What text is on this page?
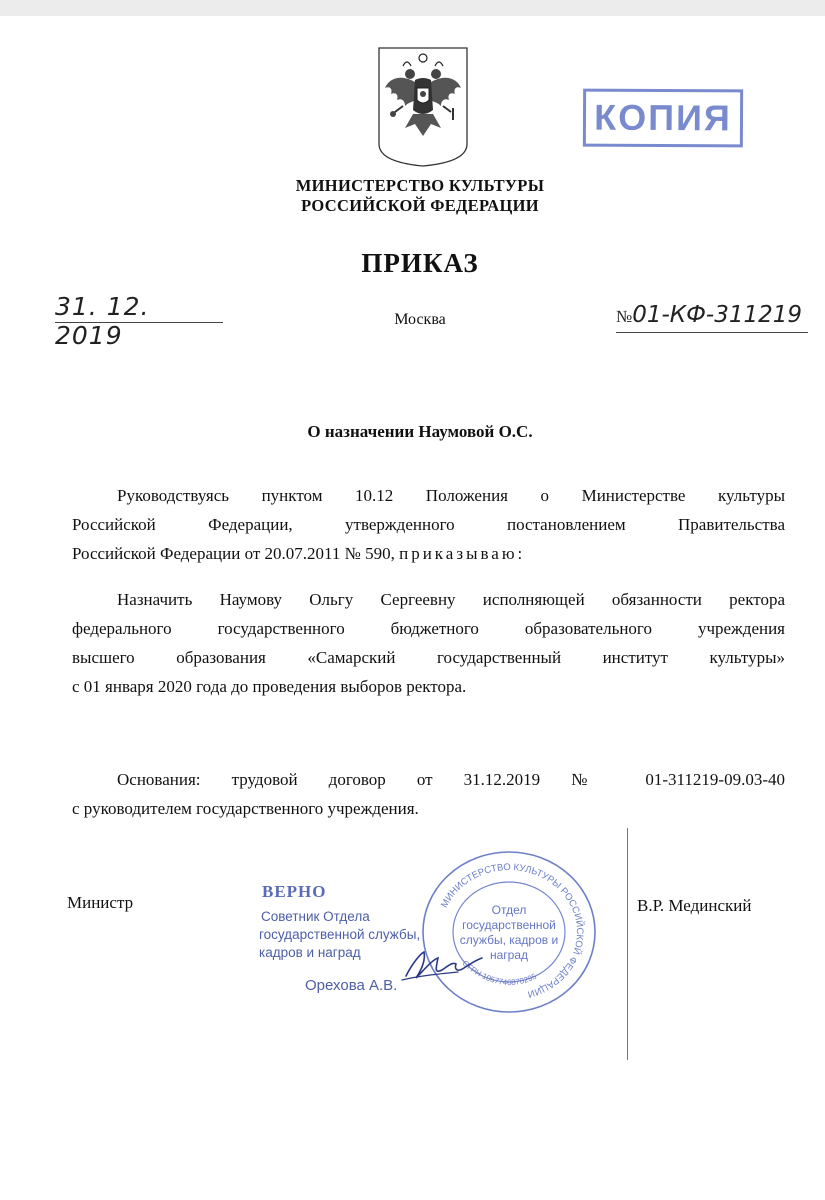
КОПИЯ
МИНИСТЕРСТВО КУЛЬТУРЫ
РОССИЙСКОЙ ФЕДЕРАЦИИ
ПРИКАЗ
31. 12. 2019
Москва	№01-КФ-311219
О назначении Наумовой О.С.
Руководствуясь пунктом 10.12 Положения о Министерстве культуры
Российской Федерации, утвержденного постановлением Правительства
Российской Федерации от 20.07.2011 № 590, приказываю:
Назначить Наумову Ольгу Сергеевну исполняющей обязанности ректора
федерального государственного бюджетного образовательного учреждения
высшего образования «Самарский государственный институт культуры»
с 01 января 2020 года до проведения выборов ректора.
Основания: трудовой договор от 31.12.2019 № 01-311219-09.03-40
с руководителем государственного учреждения.
Министр	В.Р. Мединский
ВЕРНО
Советник Отдела
государственной службы,
кадров и наград
Орехова А.В.
МИНИСТЕРСТВО КУЛЬТУРЫ РОССИЙСКОЙ ФЕДЕРАЦИИ
ОГРН 1057746870295
Отдел
государственной
службы, кадров и
наград
